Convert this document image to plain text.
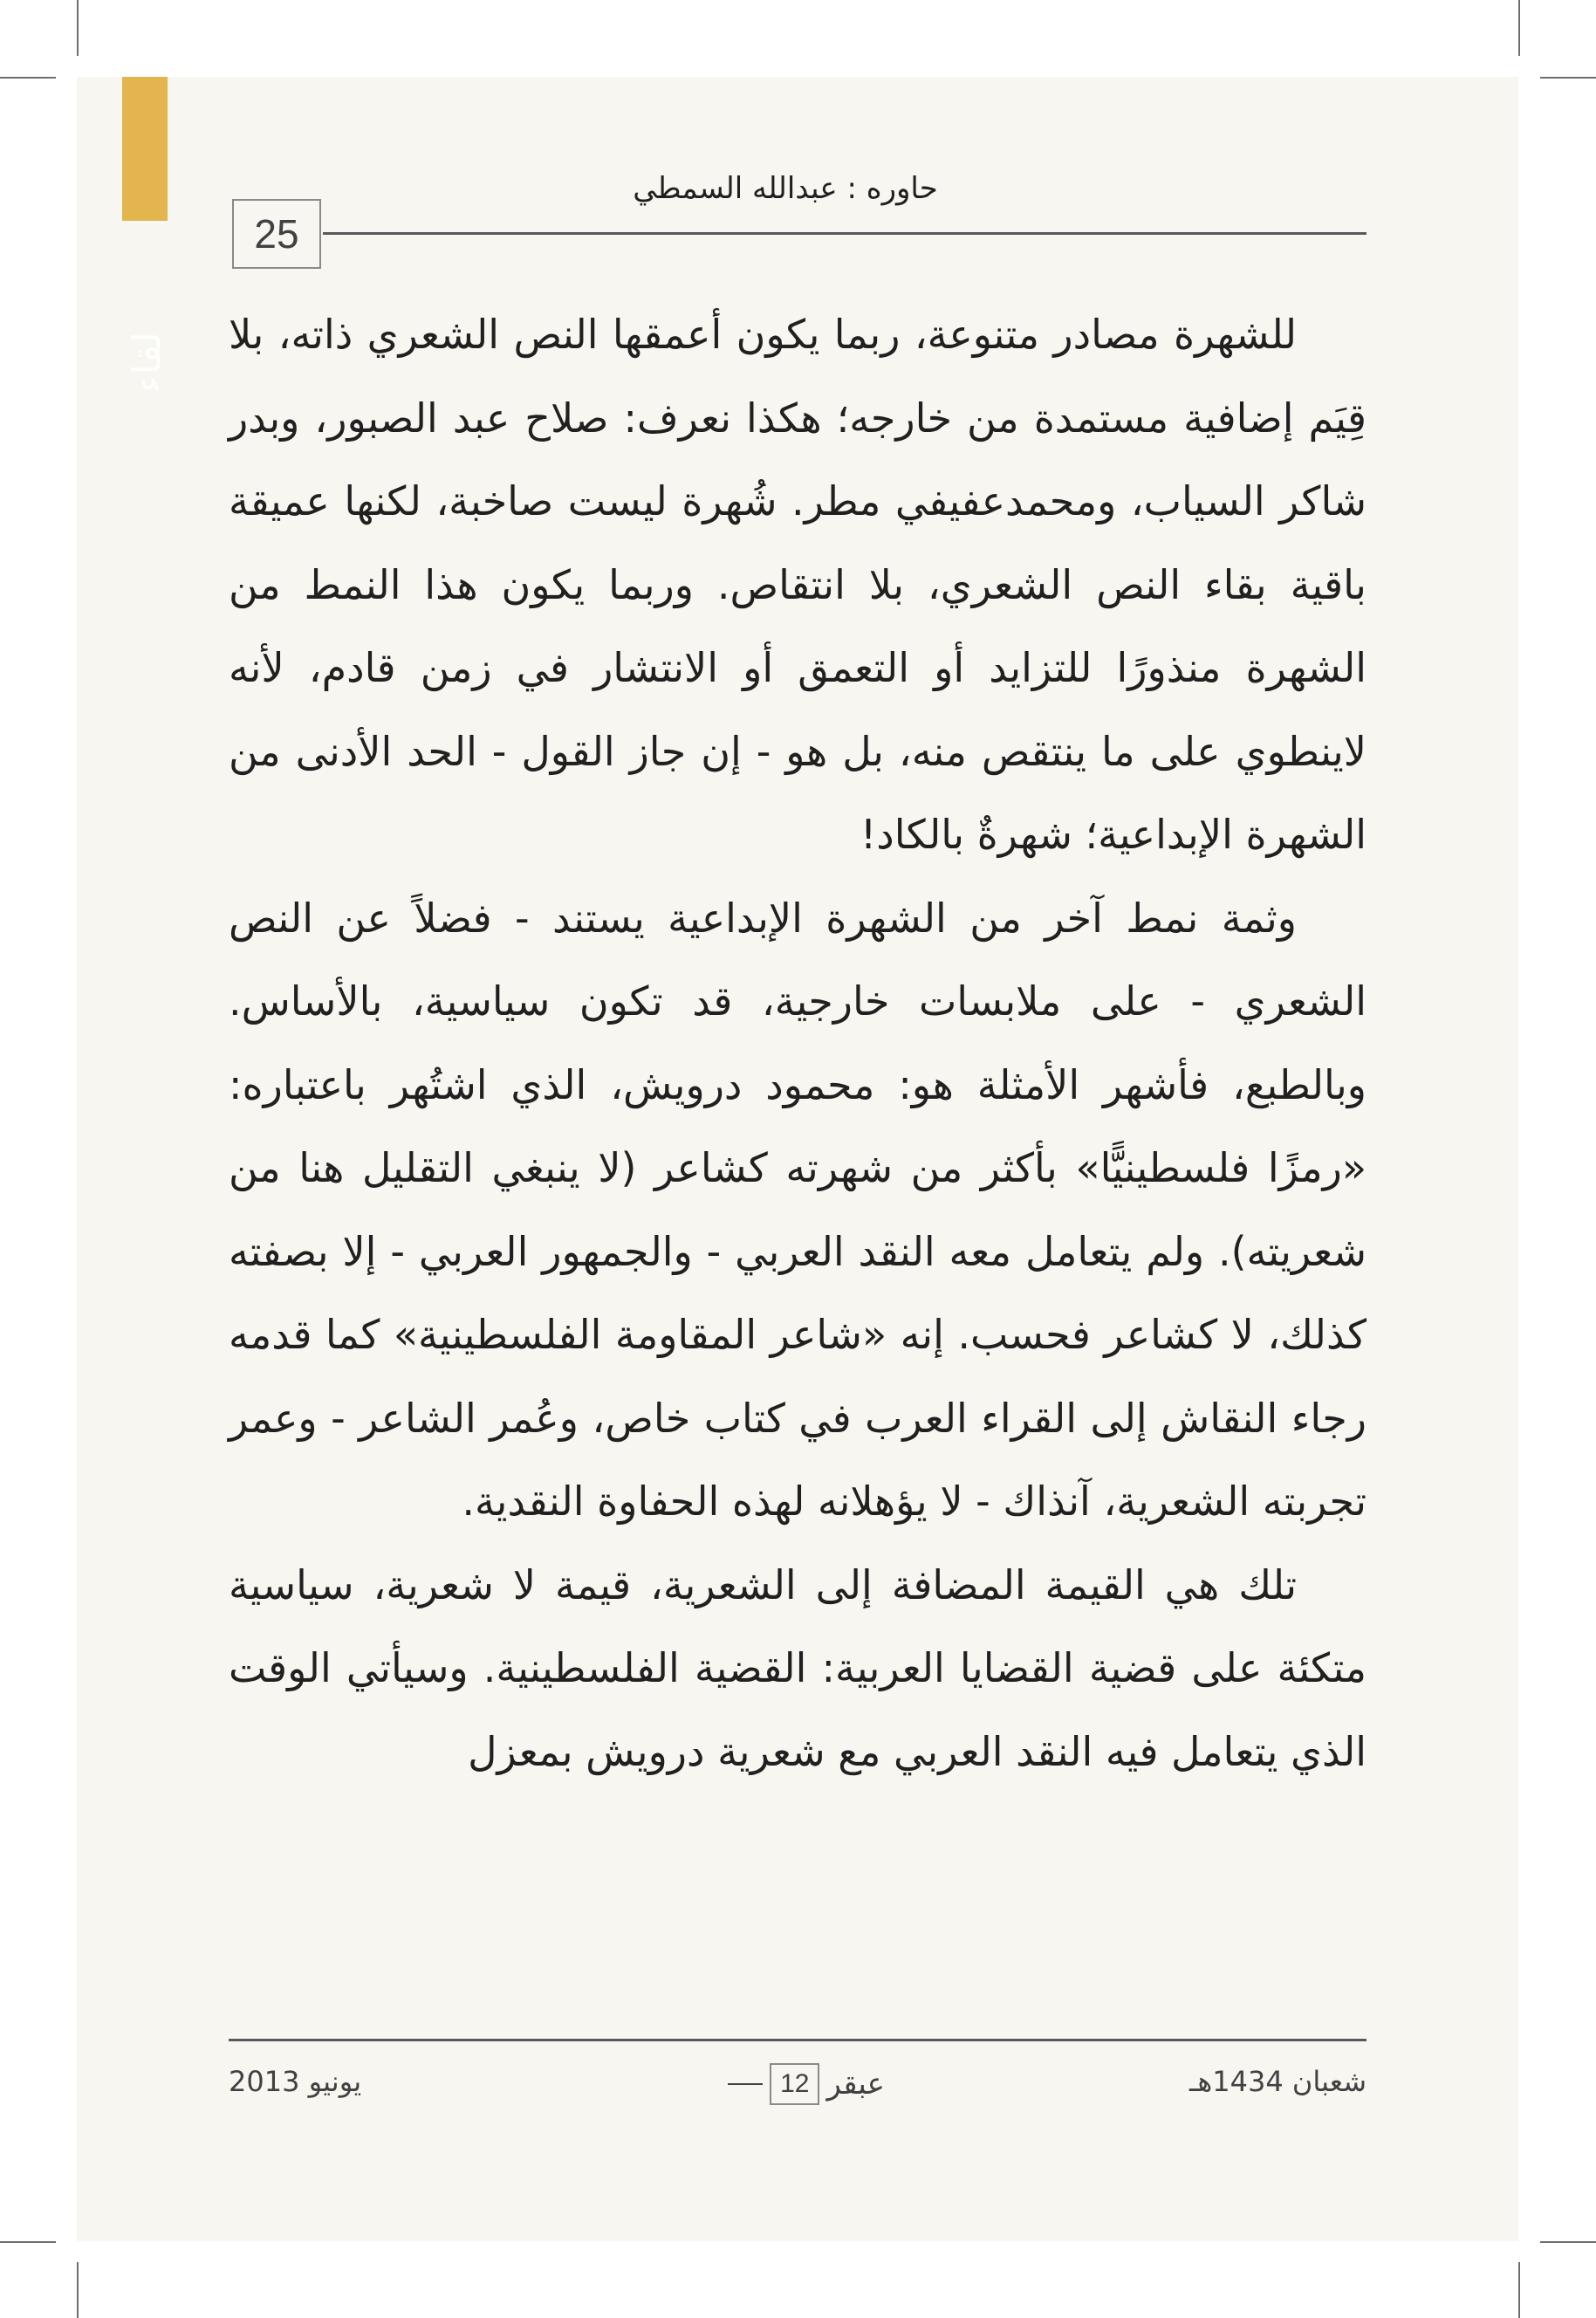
لقاء
25
حاوره : عبدالله السمطي

للشهرة مصادر متنوعة، ربما يكون أعمقها النص الشعري ذاته، بلا قِيَم إضافية مستمدة من خارجه؛ هكذا نعرف: صلاح عبد الصبور، وبدر شاكر السياب، ومحمدعفيفي مطر. شُهرة ليست صاخبة، لكنها عميقة باقية بقاء النص الشعري، بلا انتقاص. وربما يكون هذا النمط من الشهرة منذورًا للتزايد أو التعمق أو الانتشار في زمن قادم، لأنه لاينطوي على ما ينتقص منه، بل هو - إن جاز القول - الحد الأدنى من الشهرة الإبداعية؛ شهرةٌ بالكاد!

وثمة نمط آخر من الشهرة الإبداعية يستند - فضلاً عن النص الشعري - على ملابسات خارجية، قد تكون سياسية، بالأساس. وبالطبع، فأشهر الأمثلة هو: محمود درويش، الذي اشتُهر باعتباره: «رمزًا فلسطينيًّا» بأكثر من شهرته كشاعر (لا ينبغي التقليل هنا من شعريته). ولم يتعامل معه النقد العربي - والجمهور العربي - إلا بصفته كذلك، لا كشاعر فحسب. إنه «شاعر المقاومة الفلسطينية» كما قدمه رجاء النقاش إلى القراء العرب في كتاب خاص، وعُمر الشاعر - وعمر تجربته الشعرية، آنذاك - لا يؤهلانه لهذه الحفاوة النقدية.

تلك هي القيمة المضافة إلى الشعرية، قيمة لا شعرية، سياسية متكئة على قضية القضايا العربية: القضية الفلسطينية. وسيأتي الوقت الذي يتعامل فيه النقد العربي مع شعرية درويش بمعزل

يونيو 2013	عبقر
12	شعبان 1434هـ
